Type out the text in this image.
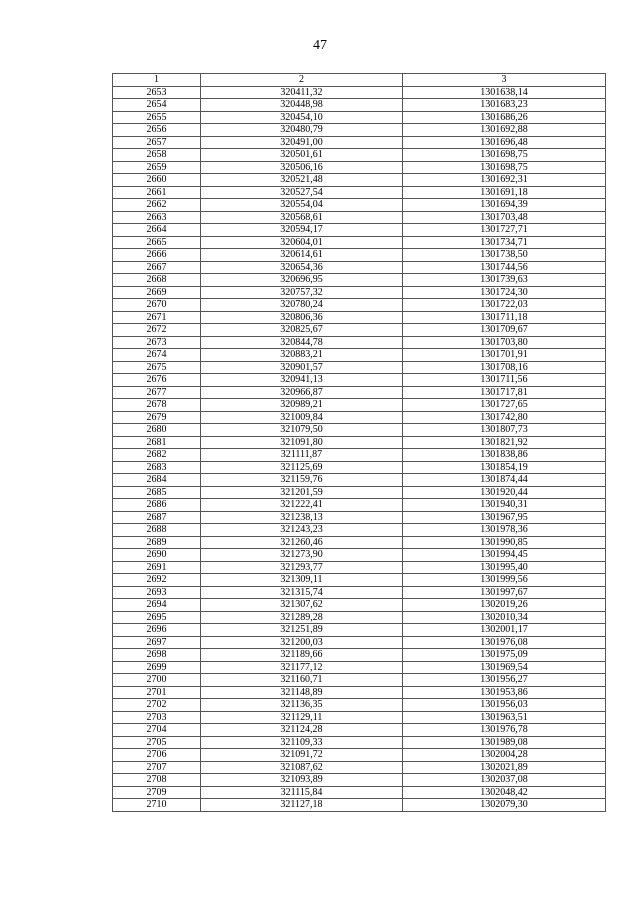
47
1	2	3
2653	320411,32	1301638,14
2654	320448,98	1301683,23
2655	320454,10	1301686,26
2656	320480,79	1301692,88
2657	320491,00	1301696,48
2658	320501,61	1301698,75
2659	320506,16	1301698,75
2660	320521,48	1301692,31
2661	320527,54	1301691,18
2662	320554,04	1301694,39
2663	320568,61	1301703,48
2664	320594,17	1301727,71
2665	320604,01	1301734,71
2666	320614,61	1301738,50
2667	320654,36	1301744,56
2668	320696,95	1301739,63
2669	320757,32	1301724,30
2670	320780,24	1301722,03
2671	320806,36	1301711,18
2672	320825,67	1301709,67
2673	320844,78	1301703,80
2674	320883,21	1301701,91
2675	320901,57	1301708,16
2676	320941,13	1301711,56
2677	320966,87	1301717,81
2678	320989,21	1301727,65
2679	321009,84	1301742,80
2680	321079,50	1301807,73
2681	321091,80	1301821,92
2682	321111,87	1301838,86
2683	321125,69	1301854,19
2684	321159,76	1301874,44
2685	321201,59	1301920,44
2686	321222,41	1301940,31
2687	321238,13	1301967,95
2688	321243,23	1301978,36
2689	321260,46	1301990,85
2690	321273,90	1301994,45
2691	321293,77	1301995,40
2692	321309,11	1301999,56
2693	321315,74	1301997,67
2694	321307,62	1302019,26
2695	321289,28	1302010,34
2696	321251,89	1302001,17
2697	321200,03	1301976,08
2698	321189,66	1301975,09
2699	321177,12	1301969,54
2700	321160,71	1301956,27
2701	321148,89	1301953,86
2702	321136,35	1301956,03
2703	321129,11	1301963,51
2704	321124,28	1301976,78
2705	321109,33	1301989,08
2706	321091,72	1302004,28
2707	321087,62	1302021,89
2708	321093,89	1302037,08
2709	321115,84	1302048,42
2710	321127,18	1302079,30
